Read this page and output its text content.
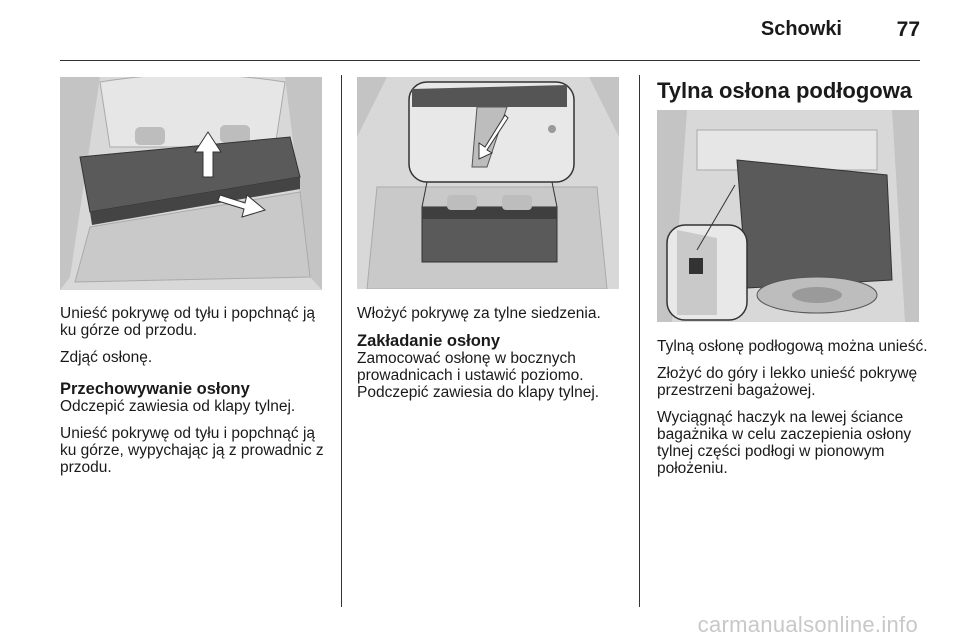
Schowki	77

Unieść pokrywę od tyłu i popchnąć ją ku górze od przodu.

Zdjąć osłonę.

Przechowywanie osłony

Odczepić zawiesia od klapy tylnej.

Unieść pokrywę od tyłu i popchnąć ją ku górze, wypychając ją z prowadnic z przodu.

Włożyć pokrywę za tylne siedzenia.

Zakładanie osłony

Zamocować osłonę w bocznych prowadnicach i ustawić poziomo. Podczepić zawiesia do klapy tylnej.

Tylna osłona podłogowa

Tylną osłonę podłogową można unieść.

Złożyć do góry i lekko unieść pokrywę przestrzeni bagażowej.

Wyciągnąć haczyk na lewej ściance bagażnika w celu zaczepienia osłony tylnej części podłogi w pionowym położeniu.

carmanualsonline.info
